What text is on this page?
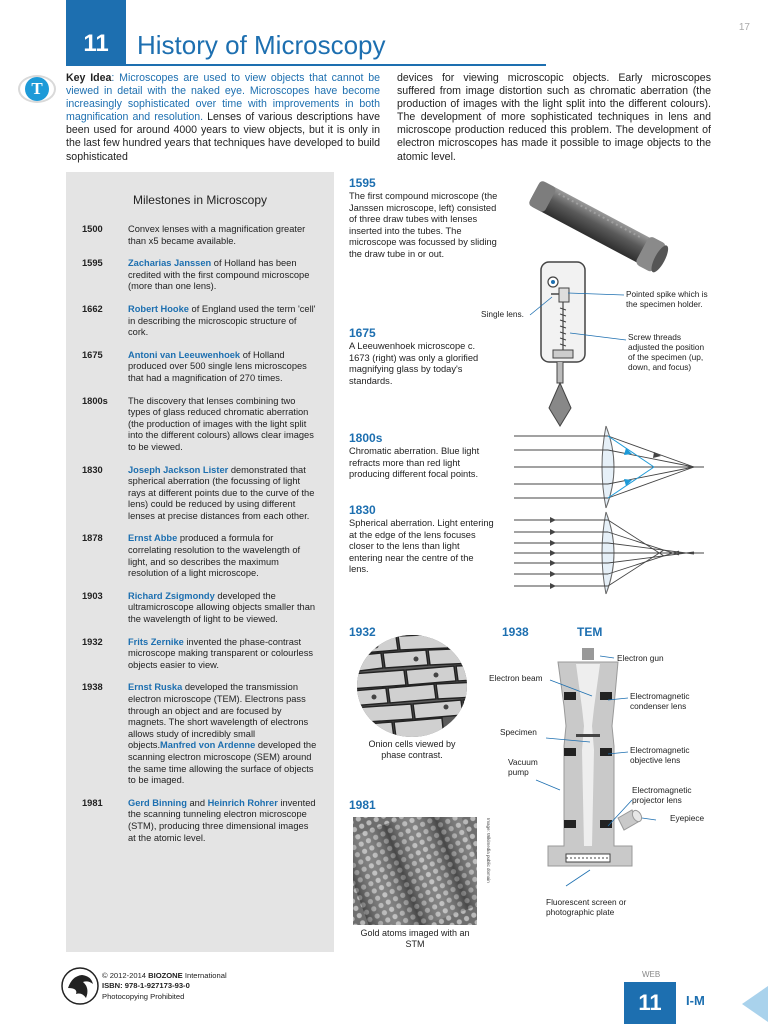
11 History of Microscopy
17
T
Key Idea: Microscopes are used to view objects that cannot be viewed in detail with the naked eye. Microscopes have become increasingly sophisticated over time with improvements in both magnification and resolution. Lenses of various descriptions have been used for around 4000 years to view objects, but it is only in the last few hundred years that techniques have developed to build sophisticated
devices for viewing microscopic objects. Early microscopes suffered from image distortion such as chromatic aberration (the production of images with the light split into the different colours). The development of more sophisticated techniques in lens and microscope production reduced this problem. The development of electron microscopes has made it possible to image objects to the atomic level.
Milestones in Microscopy
1500	Convex lenses with a magnification greater than x5 became available.
1595	Zacharias Janssen of Holland has been credited with the first compound microscope (more than one lens).
1662	Robert Hooke of England used the term 'cell' in describing the microscopic structure of cork.
1675	Antoni van Leeuwenhoek of Holland produced over 500 single lens microscopes that had a magnification of 270 times.
1800s	The discovery that lenses combining two types of glass reduced chromatic aberration (the production of images with the light split into the different colours) allows clear images to be viewed.
1830	Joseph Jackson Lister demonstrated that spherical aberration (the focussing of light rays at different points due to the curve of the lens) could be reduced by using different lenses at precise distances from each other.
1878	Ernst Abbe produced a formula for correlating resolution to the wavelength of light, and so describes the maximum resolution of a light microscope.
1903	Richard Zsigmondy developed the ultramicroscope allowing objects smaller than the wavelength of light to be viewed.
1932	Frits Zernike invented the phase-contrast microscope making transparent or colourless objects easier to view.
1938	Ernst Ruska developed the transmission electron microscope (TEM). Electrons pass through an object and are focused by magnets. The short wavelength of electrons allows study of incredibly small objects.Manfred von Ardenne developed the scanning electron microscope (SEM) around the same time allowing the surface of objects to be imaged.
1981	Gerd Binning and Heinrich Rohrer invented the scanning tunneling electron microscope (STM), producing three dimensional images at the atomic level.
1595
The first compound microscope (the Janssen microscope, left) consisted of three draw tubes with lenses inserted into the tubes. The microscope was focussed by sliding the draw tube in or out.
Single lens.
Pointed spike which is the specimen holder.
Screw threads adjusted the position of the specimen (up, down, and focus)
1675
A Leeuwenhoek microscope c. 1673 (right) was only a glorified magnifying glass by today's standards.
1800s
Chromatic aberration. Blue light refracts more than red light producing different focal points.
1830
Spherical aberration. Light entering at the edge of the lens focuses closer to the lens than light entering near the centre of the lens.
1932	1938	TEM
Onion cells viewed by phase contrast.
1981
Image: Wikimedia public domain
Gold atoms imaged with an STM
Electron gun
Electron beam
Electromagnetic condenser lens
Specimen
Electromagnetic objective lens
Vacuum pump
Electromagnetic projector lens
Eyepiece
Fluorescent screen or photographic plate
© 2012-2014 BIOZONE International
ISBN: 978-1-927173-93-0
Photocopying Prohibited
WEB
11 I-M
